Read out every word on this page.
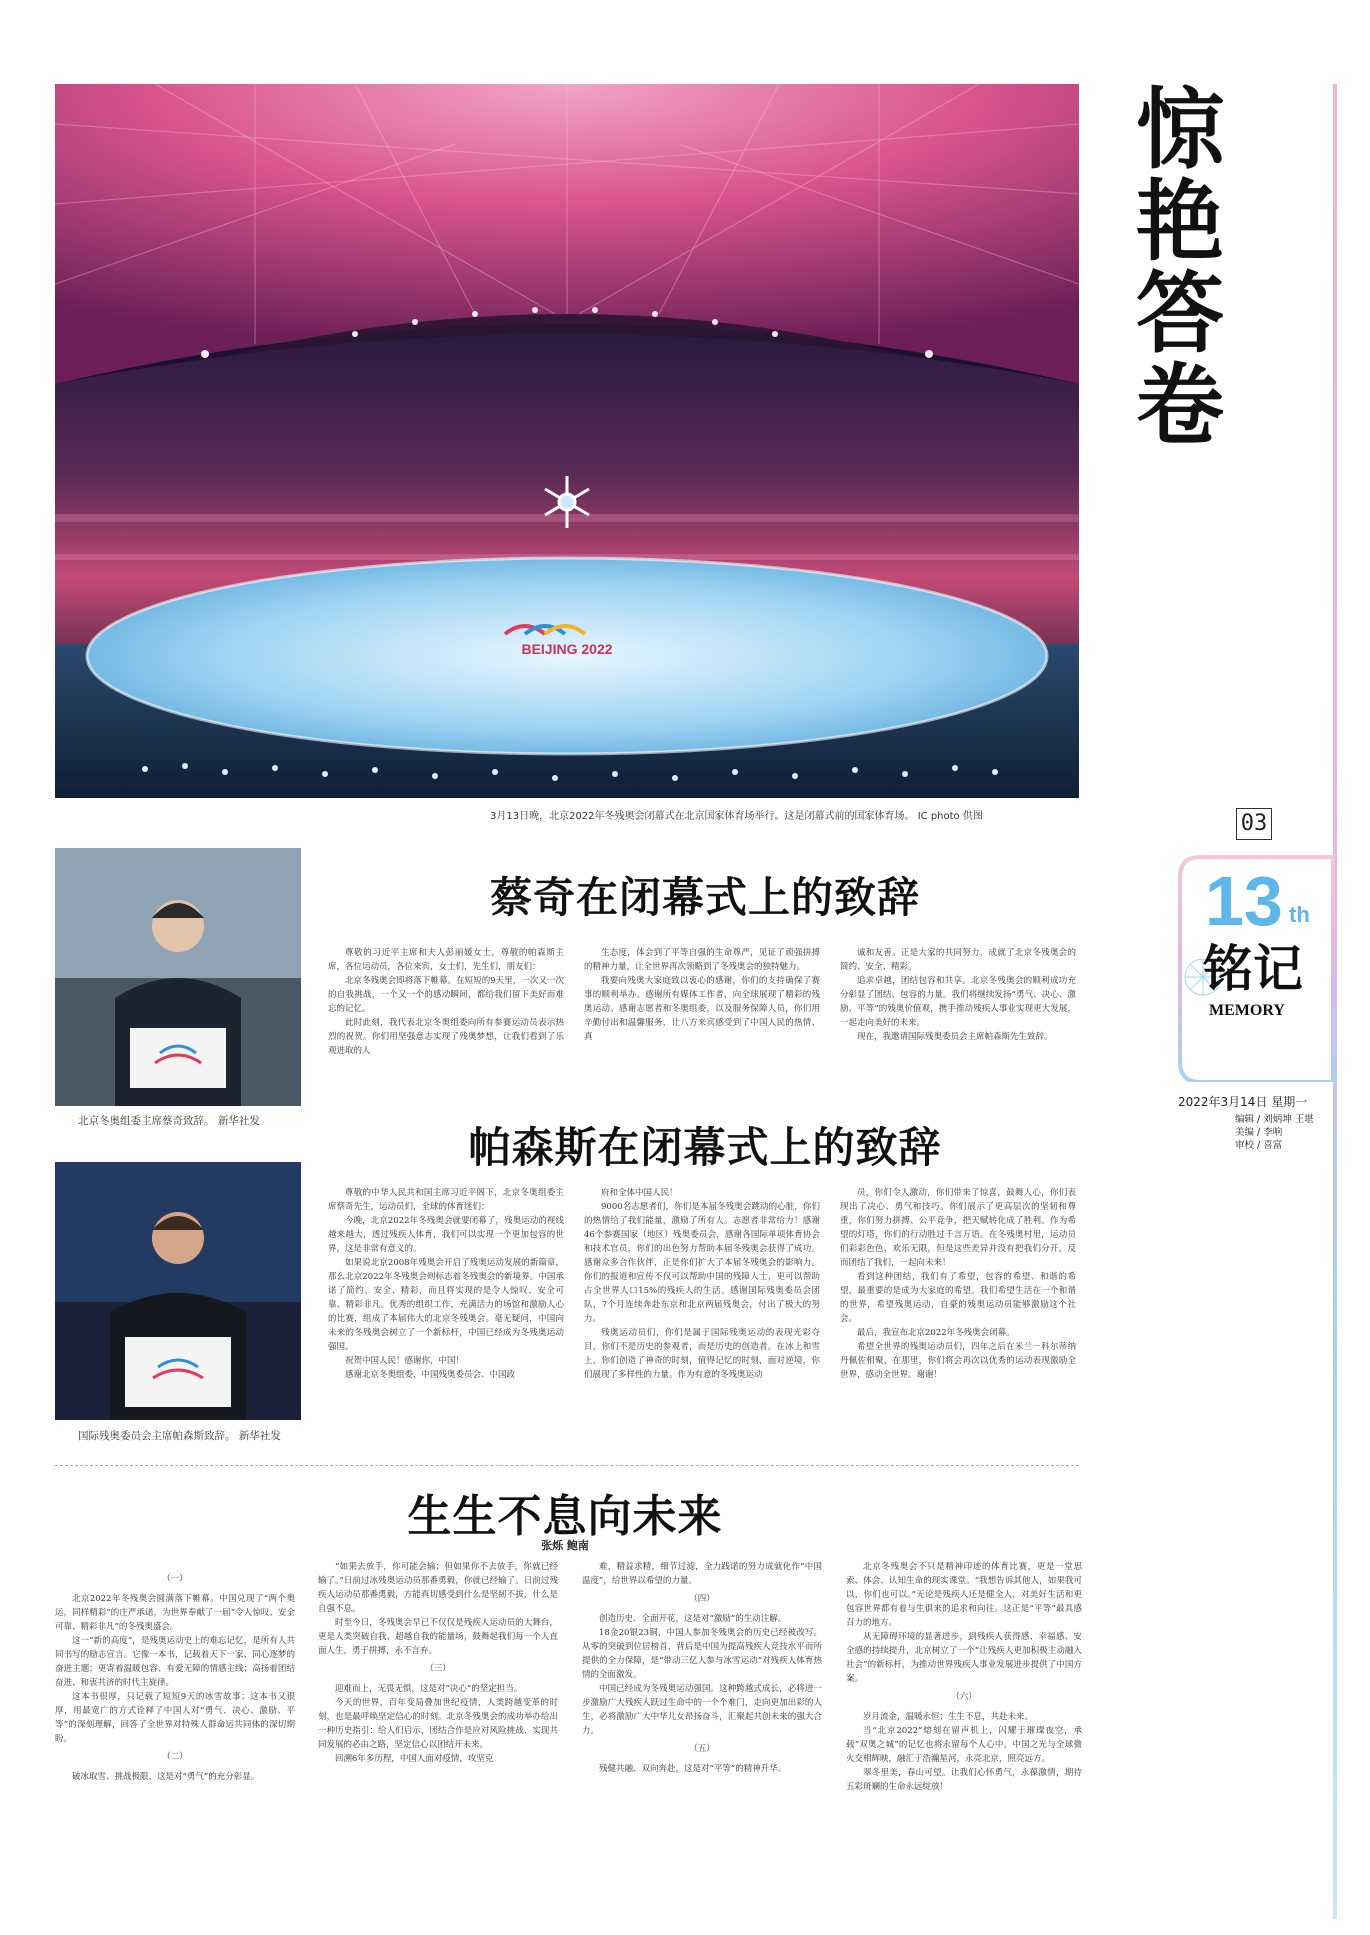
BEIJING 2022
3月13日晚，北京2022年冬残奥会闭幕式在北京国家体育场举行。这是闭幕式前的国家体育场。 IC photo 供图
惊艳答卷
03
13 th
铭记
MEMORY
2022年3月14日 星期一
编辑 / 刘炳坤 王堪
美编 / 李响
审校 / 喜富
北京冬奥组委主席蔡奇致辞。 新华社发
蔡奇在闭幕式上的致辞

尊敬的习近平主席和夫人彭丽媛女士，尊敬的帕森斯主席，各位运动员，各位来宾，女士们，先生们，朋友们：

北京冬残奥会即将落下帷幕。在短短的9天里，一次又一次的自我挑战，一个又一个的感动瞬间，都给我们留下美好而难忘的记忆。

此时此刻，我代表北京冬奥组委向所有参赛运动员表示热烈的祝贺。你们用坚强意志实现了残奥梦想，让我们看到了乐观进取的人

生态度，体会到了平等自强的生命尊严，见证了顽强拼搏的精神力量，让全世界再次领略到了冬残奥会的独特魅力。

我要向残奥大家庭致以衷心的感谢，你们的支持确保了赛事的顺利举办。感谢所有媒体工作者，向全球展现了精彩的残奥运动。感谢志愿者和冬奥组委，以及服务保障人员，你们用辛勤付出和温馨服务，让八方来宾感受到了中国人民的热情、真

诚和友善。正是大家的共同努力，成就了北京冬残奥会的简约、安全、精彩。

追求卓越，团结包容和共享。北京冬残奥会的顺利成功充分彰显了团结、包容的力量。我们将继续发扬“勇气、决心、激励、平等”的残奥价值观，携手推动残疾人事业实现更大发展，一起走向美好的未来。

现在，我邀请国际残奥委员会主席帕森斯先生致辞。

国际残奥委员会主席帕森斯致辞。 新华社发
帕森斯在闭幕式上的致辞

尊敬的中华人民共和国主席习近平阁下，北京冬奥组委主席蔡奇先生，运动员们，全球的体育迷们：

今晚，北京2022年冬残奥会就要闭幕了，残奥运动的视线越来越大，透过残疾人体育，我们可以实现一个更加包容的世界，这是非常有意义的。

如果说北京2008年残奥会开启了残奥运动发展的新篇章，那么北京2022年冬残奥会则标志着冬残奥会的新境界。中国承诺了简约、安全、精彩，而且将实现的是令人惊叹、安全可靠、精彩非凡。优秀的组织工作，充满活力的场馆和激励人心的比赛，组成了本届伟大的北京冬残奥会。毫无疑问，中国向未来的冬残奥会树立了一个新标杆，中国已经成为冬残奥运动强国。

祝贺中国人民！感谢你，中国！

感谢北京冬奥组委、中国残奥委员会、中国政

府和全体中国人民！

9000名志愿者们，你们是本届冬残奥会跳动的心脏，你们的热情给了我们能量，激励了所有人。志愿者非常给力！感谢46个参赛国家（地区）残奥委员会，感谢各国际单项体育协会和技术官员，你们的出色努力帮助本届冬残奥会获得了成功。感谢众多合作伙伴，正是你们扩大了本届冬残奥会的影响力。你们的报道和宣传不仅可以帮助中国的残障人士，更可以帮助占全世界人口15%的残疾人的生活。感谢国际残奥委员会团队，7个月连续奔赴东京和北京两届残奥会，付出了极大的努力。

残奥运动员们，你们是属于国际残奥运动的表现光彩夺目，你们不是历史的参观者，而是历史的创造者。在冰上和雪上，你们创造了神奇的时刻，值得记忆的时刻，面对逆境，你们展现了多样性的力量。作为有意的冬残奥运动

员，你们令人激动，你们带来了惊喜，鼓舞人心，你们表现出了决心、勇气和技巧。你们展示了更高层次的坚韧和尊重，你们努力拼搏、公平竞争，把天赋转化成了胜利。作为希望的灯塔，你们的行动胜过千言万语。在冬残奥村里，运动员们彩彩色色，欢乐无限，但是这些差异并没有把我们分开，反而团结了我们，一起向未来！

看到这种团结，我们有了希望，包容的希望、和谐的希望，最重要的是成为大家庭的希望。我们希望生活在一个和谐的世界，希望残奥运动，自豪的残奥运动员能够激励这个社会。

最后，我宣布北京2022年冬残奥会闭幕。

希望全世界的残奥运动员们，四年之后在米兰－科尔蒂纳丹佩佐相聚，在那里，你们将会再次以优秀的运动表现激励全世界，感动全世界。谢谢！

生生不息向未来
张烁 鲍南

（一）

北京2022年冬残奥会圆满落下帷幕。中国兑现了“两个奥运，同样精彩”的庄严承诺，为世界奉献了一届“令人惊叹、安全可靠、精彩非凡”的冬残奥盛会。

这一“新的高度”，是残奥运动史上的难忘记忆，是所有人共同书写的励志宣言。它像一本书，记载着天下一家、同心逐梦的奋进主题；更寄着温暖包容、有爱无障的情感主线；高扬着团结奋进、和衷共济的时代主旋律。

这本书很厚，只记载了短短9天的冰雪故事；这本书又很厚，用最宽广的方式诠释了中国人对“勇气、决心、激励、平等”的深刻理解，回答了全世界对特殊人群命运共同体的深切期盼。

（二）

破冰取雪、挑战极限，这是对“勇气”的充分彰显。

“如果去放手，你可能会输；但如果你不去放手，你就已经输了。”日前过冰残奥运动员那番勇毅，你就已经输了。日前过残疾人运动员那番勇毅，方能真切感受到什么是坚韧不拔，什么是自强不息。

时至今日，冬残奥会早已不仅仅是残疾人运动员的大舞台，更是人类突破自我、超越自我的能量场，鼓舞起我们每一个人直面人生，勇于拼搏，永不言弃。

（三）

迎难而上，无畏无惧，这是对“决心”的坚定担当。

今天的世界，百年变局叠加世纪疫情，人类跨越变革的时刻，也是最呼唤坚定信心的时刻。北京冬残奥会的成功举办给出一种历史指引：给人们启示，团结合作是应对风险挑战、实现共同发展的必由之路，坚定信心以团结开未来。

回溯6年多历程，中国人面对疫情，攻坚克

难，精益求精，细节过滤，全力践诺的努力成就化作“中国温度”，给世界以希望的力量。

（四）

创造历史、全面开花，这是对“激励”的生动注解。

18金20银23铜，中国人参加冬残奥会的历史已经被改写。从零的突破到位居榜首，背后是中国为提高残疾人竞技水平而所提供的全力保障，是“带动三亿人参与冰雪运动”对残疾人体育热情的全面激发。

中国已经成为冬残奥运动强国。这种跨越式成长，必将进一步激励广大残疾人跃过生命中的一个个难门，走向更加出彩的人生，必将激励广大中华儿女昂扬奋斗，汇聚起共创未来的强大合力。

（五）

残健共融、双向奔赴，这是对“平等”的精神升华。

北京冬残奥会不只是精神印迹的体育比赛，更是一堂思索、体会、认知生命的现实课堂。“我想告诉其他人，如果我可以，你们也可以。”无论是残疾人还是健全人，对美好生活和更包容世界都有着与生俱来的追求和向往。这正是“平等”最具感召力的地方。

从无障碍环境的显著进步，到残疾人获得感、幸福感、安全感的持续提升，北京树立了一个“让残疾人更加积极主动融入社会”的新标杆，为推动世界残疾人事业发展进步提供了中国方案。

（六）

岁月流金，温暖永恒；生生不息，共赴未来。

当“北京2022”熔刻在留声机上，闪耀于璀璨夜空，承载“双奥之城”的记忆也将永留每个人心中。中国之光与全球微火交相辉映，融汇于浩瀚星河，永亮北京，照亮远方。

翠冬里美，春山可望。让我们心怀勇气，永葆激情，期待五彩斑斓的生命永远绽放！
